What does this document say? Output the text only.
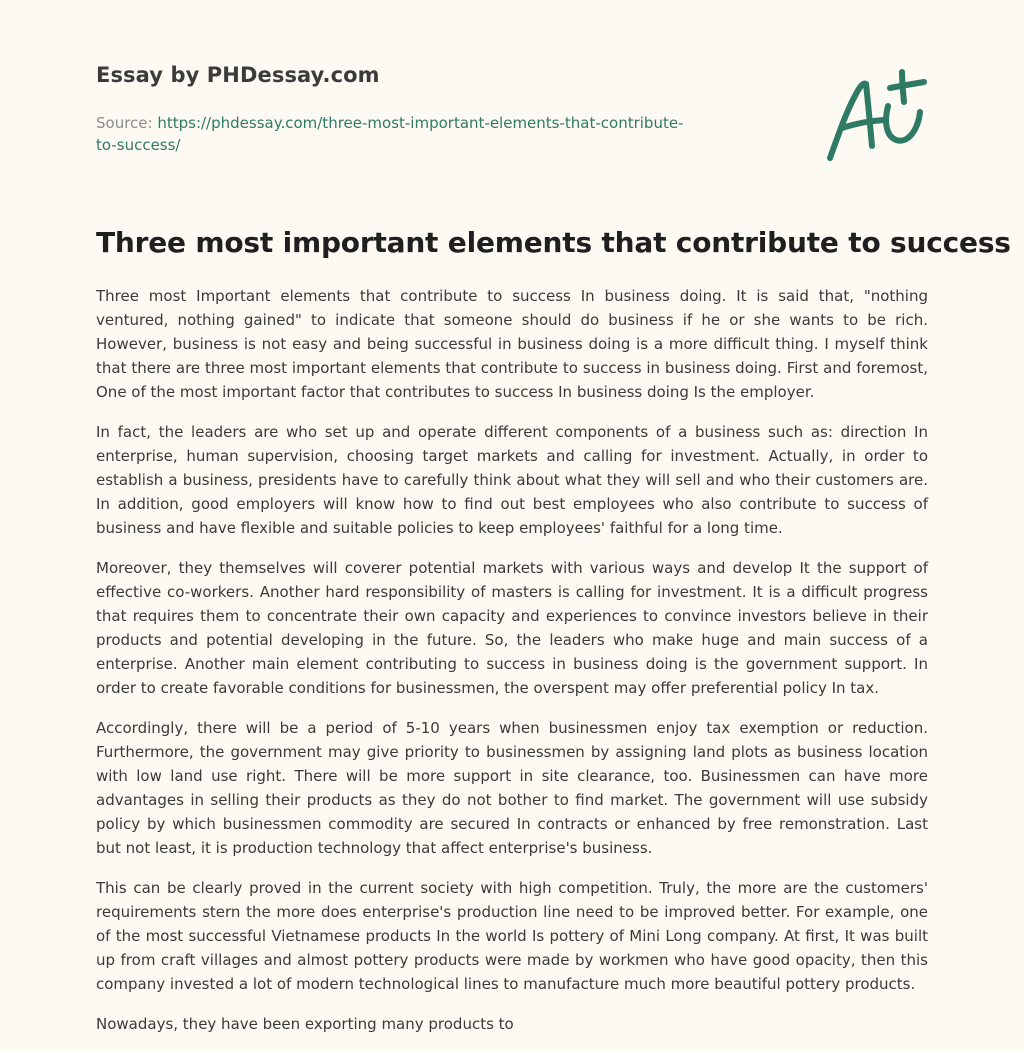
Essay by PHDessay.com
Source: https://phdessay.com/three-most-important-elements-that-contribute-to-success/
Three most important elements that contribute to success

Three most Important elements that contribute to success In business doing. It is said that, "nothing ventured, nothing gained" to indicate that someone should do business if he or she wants to be rich. However, business is not easy and being successful in business doing is a more difficult thing. I myself think that there are three most important elements that contribute to success in business doing. First and foremost, One of the most important factor that contributes to success In business doing Is the employer.

In fact, the leaders are who set up and operate different components of a business such as: direction In enterprise, human supervision, choosing target markets and calling for investment. Actually, in order to establish a business, presidents have to carefully think about what they will sell and who their customers are. In addition, good employers will know how to find out best employees who also contribute to success of business and have flexible and suitable policies to keep employees' faithful for a long time.

Moreover, they themselves will coverer potential markets with various ways and develop It the support of effective co-workers. Another hard responsibility of masters is calling for investment. It is a difficult progress that requires them to concentrate their own capacity and experiences to convince investors believe in their products and potential developing in the future. So, the leaders who make huge and main success of a enterprise. Another main element contributing to success in business doing is the government support. In order to create favorable conditions for businessmen, the overspent may offer preferential policy In tax.

Accordingly, there will be a period of 5-10 years when businessmen enjoy tax exemption or reduction. Furthermore, the government may give priority to businessmen by assigning land plots as business location with low land use right. There will be more support in site clearance, too. Businessmen can have more advantages in selling their products as they do not bother to find market. The government will use subsidy policy by which businessmen commodity are secured In contracts or enhanced by free remonstration. Last but not least, it is production technology that affect enterprise's business.

This can be clearly proved in the current society with high competition. Truly, the more are the customers' requirements stern the more does enterprise's production line need to be improved better. For example, one of the most successful Vietnamese products In the world Is pottery of Mini Long company. At first, It was built up from craft villages and almost pottery products were made by workmen who have good opacity, then this company invested a lot of modern technological lines to manufacture much more beautiful pottery products.

Nowadays, they have been exporting many products to
